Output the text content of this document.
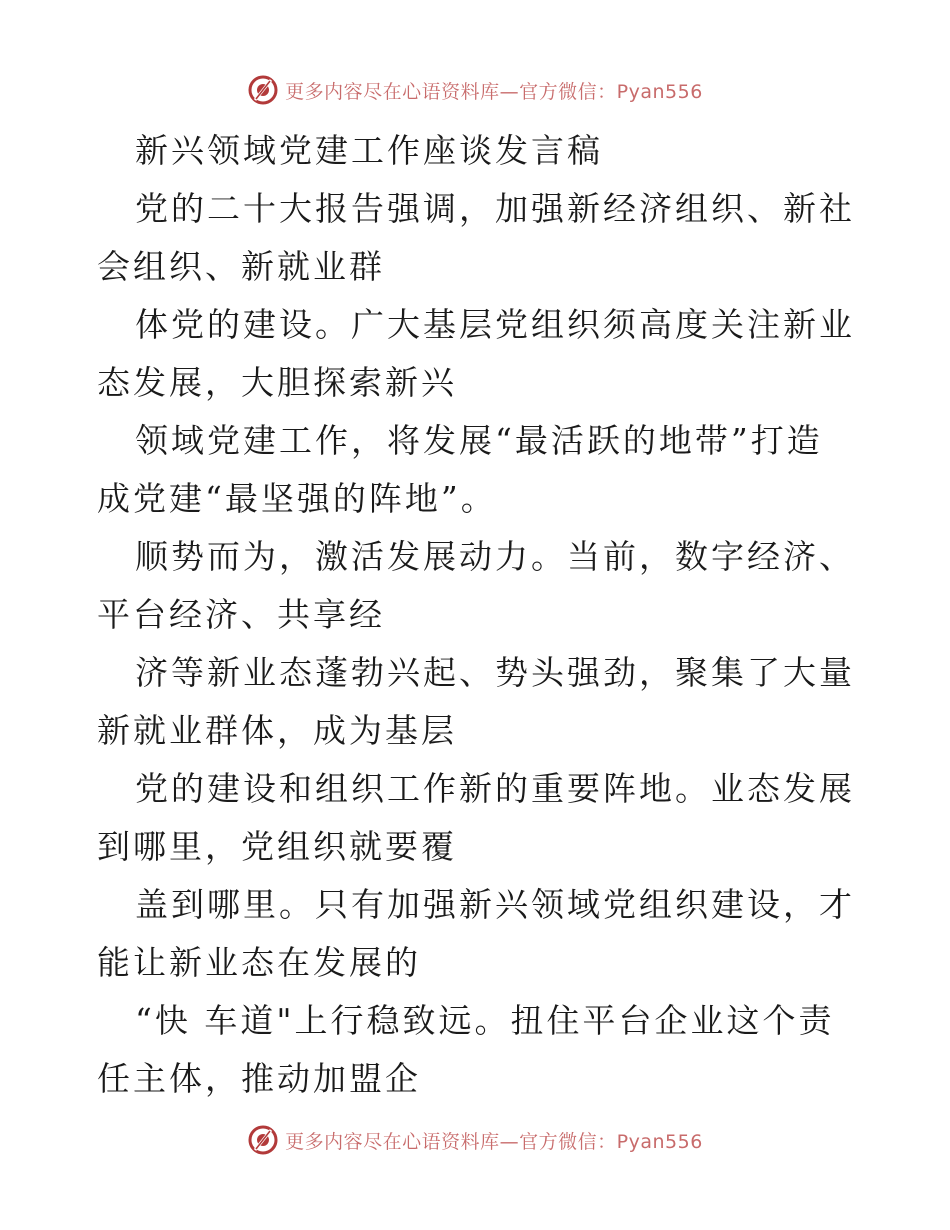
更多内容尽在心语资料库—官方微信：Pyan556

新兴领域党建工作座谈发言稿

党的二十大报告强调，加强新经济组织、新社会组织、新就业群

体党的建设。广大基层党组织须高度关注新业态发展，大胆探索新兴

领域党建工作，将发展“最活跃的地带”打造成党建“最坚强的阵地”。

顺势而为，激活发展动力。当前，数字经济、平台经济、共享经

济等新业态蓬勃兴起、势头强劲，聚集了大量新就业群体，成为基层

党的建设和组织工作新的重要阵地。业态发展到哪里，党组织就要覆

盖到哪里。只有加强新兴领域党组织建设，才能让新业态在发展的

“快 车道"上行稳致远。扭住平台企业这个责任主体，推动加盟企

更多内容尽在心语资料库—官方微信：Pyan556
